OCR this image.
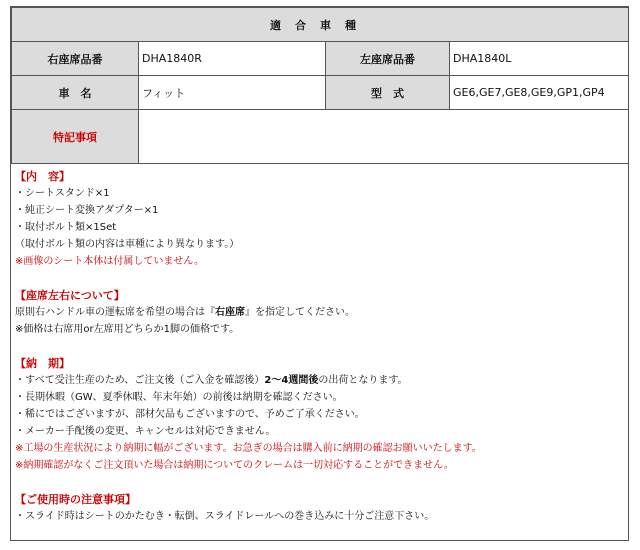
適合車種			
右座席品番	DHA1840R	左座席品番	DHA1840L
車　名	フィット	型　式	GE6,GE7,GE8,GE9,GP1,GP4
特記事項			

【内　容】

・シートスタンド×1

・純正シート変換アダプター×1

・取付ボルト類×1Set

（取付ボルト類の内容は車種により異なります。）

※画像のシート本体は付属していません。

【座席左右について】

原則右ハンドル車の運転席を希望の場合は『右座席』を指定してください。

※価格は右席用or左席用どちらか1脚の価格です。

【納　期】

・すべて受注生産のため、ご注文後（ご入金を確認後）2〜4週間後の出荷となります。

・長期休暇（GW、夏季休暇、年末年始）の前後は納期を確認ください。

・稀にではございますが、部材欠品もございますので、予めご了承ください。

・メーカー手配後の変更、キャンセルは対応できません。

※工場の生産状況により納期に幅がございます。お急ぎの場合は購入前に納期の確認お願いいたします。

※納期確認がなくご注文頂いた場合は納期についてのクレームは一切対応することができません。

【ご使用時の注意事項】

・スライド時はシートのかたむき・転倒、スライドレールへの巻き込みに十分ご注意下さい。
